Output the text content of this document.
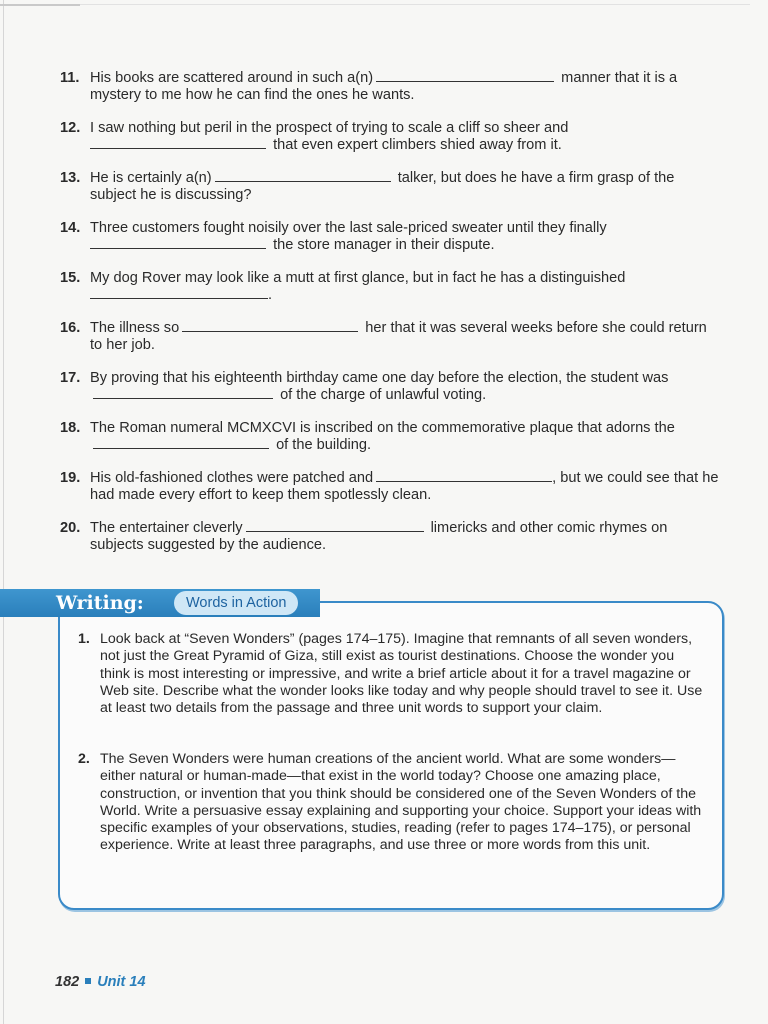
11. His books are scattered around in such a(n)	manner that it is a mystery to me how he can find the ones he wants.
12. I saw nothing but peril in the prospect of trying to scale a cliff so sheer and
that even expert climbers shied away from it.
13. He is certainly a(n)	talker, but does he have a firm grasp of the subject he is discussing?
14. Three customers fought noisily over the last sale-priced sweater until they finally
the store manager in their dispute.
15. My dog Rover may look like a mutt at first glance, but in fact he has a distinguished
.
16. The illness so	her that it was several weeks before she could return to her job.
17. By proving that his eighteenth birthday came one day before the election, the student was of the charge of unlawful voting.
18. The Roman numeral MCMXCVI is inscribed on the commemorative plaque that adorns the of the building.
19. His old-fashioned clothes were patched and	, but we could see that he had made every effort to keep them spotlessly clean.
20. The entertainer cleverly	limericks and other comic rhymes on subjects suggested by the audience.
1. Look back at “Seven Wonders” (pages 174–175). Imagine that remnants of all seven wonders, not just the Great Pyramid of Giza, still exist as tourist destinations. Choose the wonder you think is most interesting or impressive, and write a brief article about it for a travel magazine or Web site. Describe what the wonder looks like today and why people should travel to see it. Use at least two details from the passage and three unit words to support your claim.
2. The Seven Wonders were human creations of the ancient world. What are some wonders—either natural or human-made—that exist in the world today? Choose one amazing place, construction, or invention that you think should be considered one of the Seven Wonders of the World. Write a persuasive essay explaining and supporting your choice. Support your ideas with specific examples of your observations, studies, reading (refer to pages 174–175), or personal experience. Write at least three paragraphs, and use three or more words from this unit.
Writing:	Words in Action
182 Unit 14
